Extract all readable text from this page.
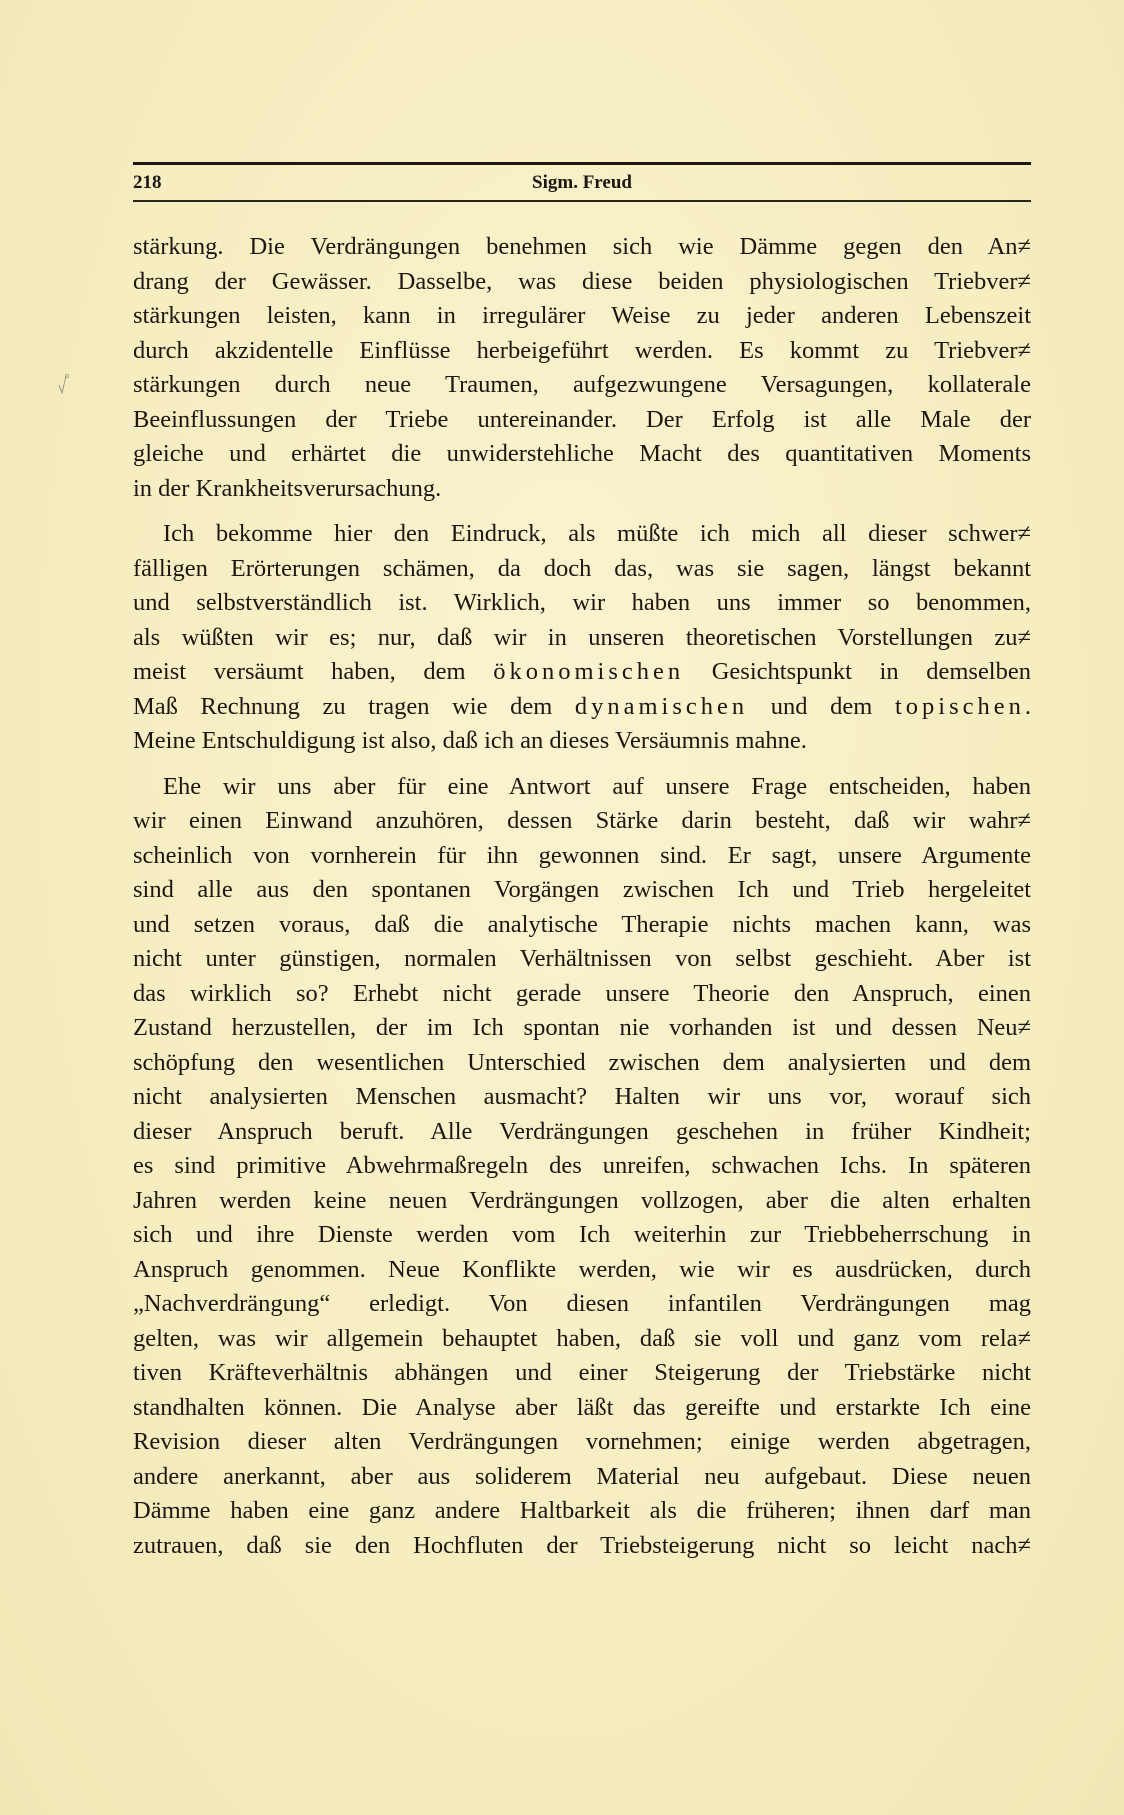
218	Sigm. Freud
stärkung. Die Verdrängungen benehmen sich wie Dämme gegen den An≠
drang der Gewässer. Dasselbe, was diese beiden physiologischen Triebver≠
stärkungen leisten, kann in irregulärer Weise zu jeder anderen Lebenszeit
durch akzidentelle Einflüsse herbeigeführt werden. Es kommt zu Triebver≠
stärkungen durch neue Traumen, aufgezwungene Versagungen, kollaterale
Beeinflussungen der Triebe untereinander. Der Erfolg ist alle Male der
gleiche und erhärtet die unwiderstehliche Macht des quantitativen Moments
in der Krankheitsverursachung.
Ich bekomme hier den Eindruck, als müßte ich mich all dieser schwer≠
fälligen Erörterungen schämen, da doch das, was sie sagen, längst bekannt
und selbstverständlich ist. Wirklich, wir haben uns immer so benommen,
als wüßten wir es; nur, daß wir in unseren theoretischen Vorstellungen zu≠
meist versäumt haben, dem ökonomischen Gesichtspunkt in demselben
Maß Rechnung zu tragen wie dem dynamischen und dem topischen.
Meine Entschuldigung ist also, daß ich an dieses Versäumnis mahne.
Ehe wir uns aber für eine Antwort auf unsere Frage entscheiden, haben
wir einen Einwand anzuhören, dessen Stärke darin besteht, daß wir wahr≠
scheinlich von vornherein für ihn gewonnen sind. Er sagt, unsere Argumente
sind alle aus den spontanen Vorgängen zwischen Ich und Trieb hergeleitet
und setzen voraus, daß die analytische Therapie nichts machen kann, was
nicht unter günstigen, normalen Verhältnissen von selbst geschieht. Aber ist
das wirklich so? Erhebt nicht gerade unsere Theorie den Anspruch, einen
Zustand herzustellen, der im Ich spontan nie vorhanden ist und dessen Neu≠
schöpfung den wesentlichen Unterschied zwischen dem analysierten und dem
nicht analysierten Menschen ausmacht? Halten wir uns vor, worauf sich
dieser Anspruch beruft. Alle Verdrängungen geschehen in früher Kindheit;
es sind primitive Abwehrmaßregeln des unreifen, schwachen Ichs. In späteren
Jahren werden keine neuen Verdrängungen vollzogen, aber die alten erhalten
sich und ihre Dienste werden vom Ich weiterhin zur Triebbeherrschung in
Anspruch genommen. Neue Konflikte werden, wie wir es ausdrücken, durch
„Nachverdrängung“ erledigt. Von diesen infantilen Verdrängungen mag
gelten, was wir allgemein behauptet haben, daß sie voll und ganz vom rela≠
tiven Kräfteverhältnis abhängen und einer Steigerung der Triebstärke nicht
standhalten können. Die Analyse aber läßt das gereifte und erstarkte Ich eine
Revision dieser alten Verdrängungen vornehmen; einige werden abgetragen,
andere anerkannt, aber aus soliderem Material neu aufgebaut. Diese neuen
Dämme haben eine ganz andere Haltbarkeit als die früheren; ihnen darf man
zutrauen, daß sie den Hochfluten der Triebsteigerung nicht so leicht nach≠
